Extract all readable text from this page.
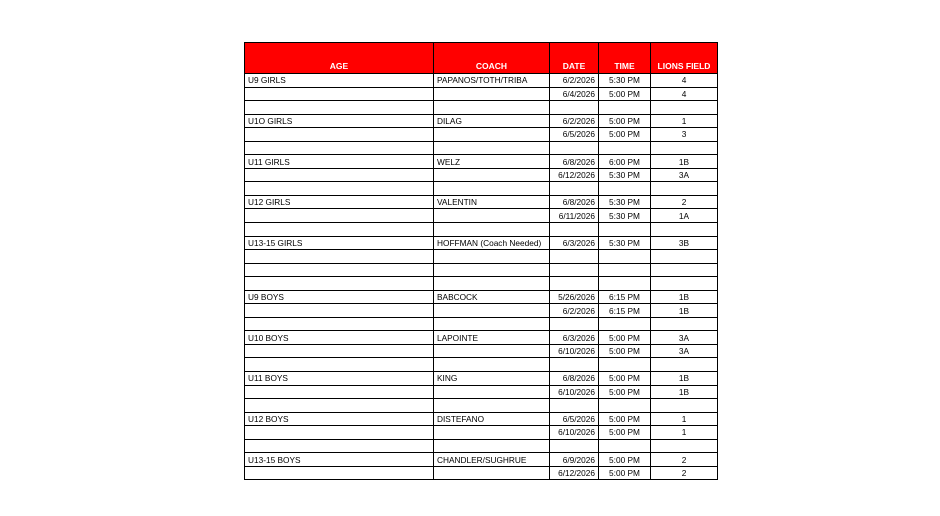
AGE	COACH	DATE	TIME	LIONS FIELD
U9 GIRLS	PAPANOS/TOTH/TRIBA	6/2/2026	5:30 PM	4
		6/4/2026	5:00 PM	4

U1O GIRLS	DILAG	6/2/2026	5:00 PM	1
		6/5/2026	5:00 PM	3

U11 GIRLS	WELZ	6/8/2026	6:00 PM	1B
		6/12/2026	5:30 PM	3A

U12 GIRLS	VALENTIN	6/8/2026	5:30 PM	2
		6/11/2026	5:30 PM	1A

U13-15 GIRLS	HOFFMAN (Coach Needed)	6/3/2026	5:30 PM	3B

U9 BOYS	BABCOCK	5/26/2026	6:15 PM	1B
		6/2/2026	6:15 PM	1B

U10 BOYS	LAPOINTE	6/3/2026	5:00 PM	3A
		6/10/2026	5:00 PM	3A

U11 BOYS	KING	6/8/2026	5:00 PM	1B
		6/10/2026	5:00 PM	1B

U12 BOYS	DISTEFANO	6/5/2026	5:00 PM	1
		6/10/2026	5:00 PM	1

U13-15 BOYS	CHANDLER/SUGHRUE	6/9/2026	5:00 PM	2
		6/12/2026	5:00 PM	2
